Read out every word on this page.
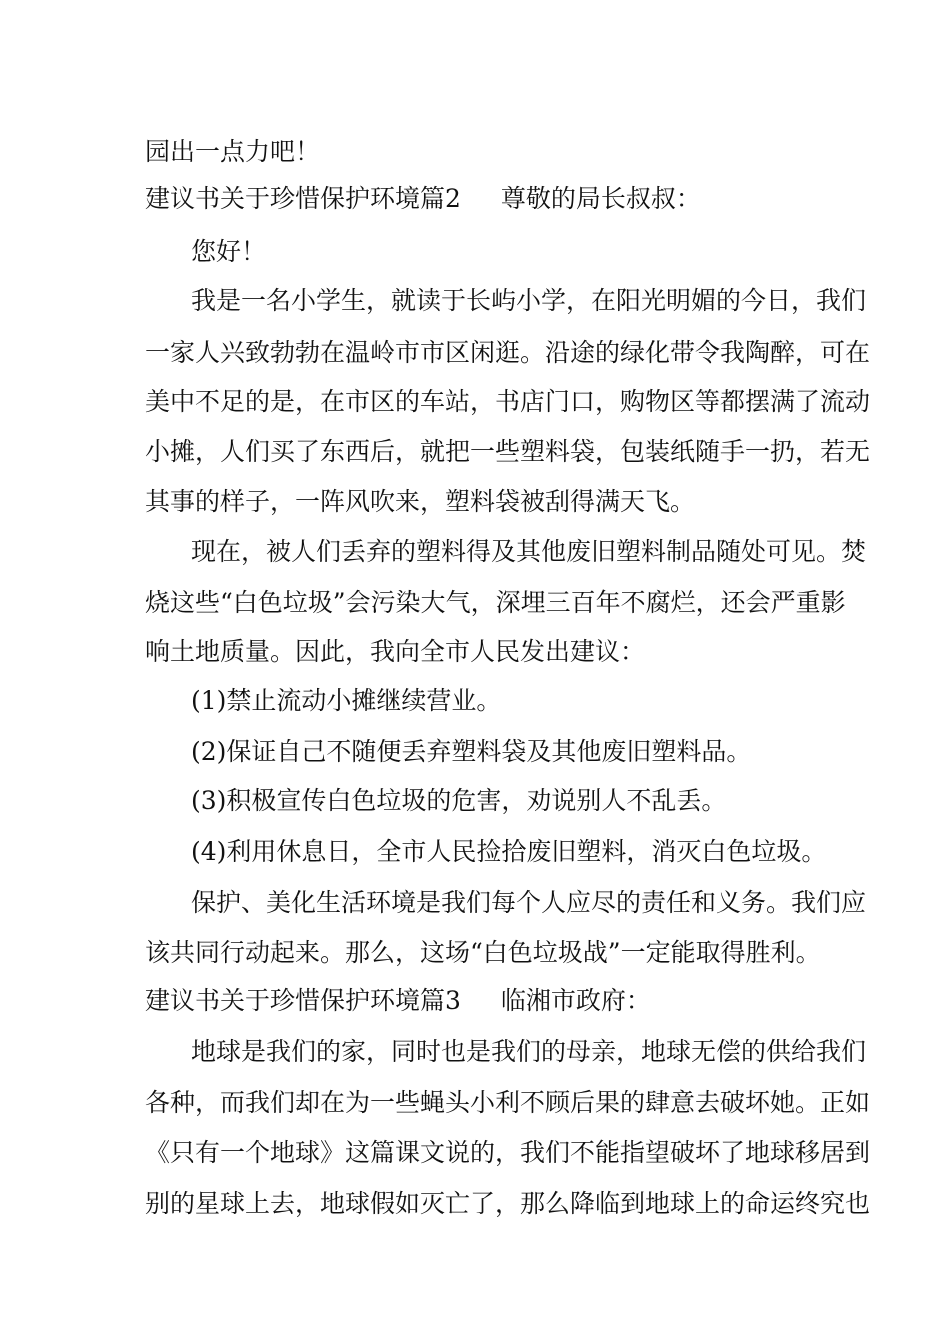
园出一点力吧！
建议书关于珍惜保护环境篇2 尊敬的局长叔叔：
您好！
我是一名小学生，就读于长屿小学，在阳光明媚的今日，我们
一家人兴致勃勃在温岭市市区闲逛。沿途的绿化带令我陶醉，可在
美中不足的是，在市区的车站，书店门口，购物区等都摆满了流动
小摊，人们买了东西后，就把一些塑料袋，包装纸随手一扔，若无
其事的样子，一阵风吹来，塑料袋被刮得满天飞。
现在，被人们丢弃的塑料得及其他废旧塑料制品随处可见。焚
烧这些“白色垃圾”会污染大气，深埋三百年不腐烂，还会严重影
响土地质量。因此，我向全市人民发出建议：
(1)禁止流动小摊继续营业。
(2)保证自己不随便丢弃塑料袋及其他废旧塑料品。
(3)积极宣传白色垃圾的危害，劝说别人不乱丢。
(4)利用休息日，全市人民捡拾废旧塑料，消灭白色垃圾。
保护、美化生活环境是我们每个人应尽的责任和义务。我们应
该共同行动起来。那么，这场“白色垃圾战”一定能取得胜利。
建议书关于珍惜保护环境篇3 临湘市政府：
地球是我们的家，同时也是我们的母亲，地球无偿的供给我们
各种，而我们却在为一些蝇头小利不顾后果的肆意去破坏她。正如
《只有一个地球》这篇课文说的，我们不能指望破坏了地球移居到
别的星球上去，地球假如灭亡了，那么降临到地球上的命运终究也
